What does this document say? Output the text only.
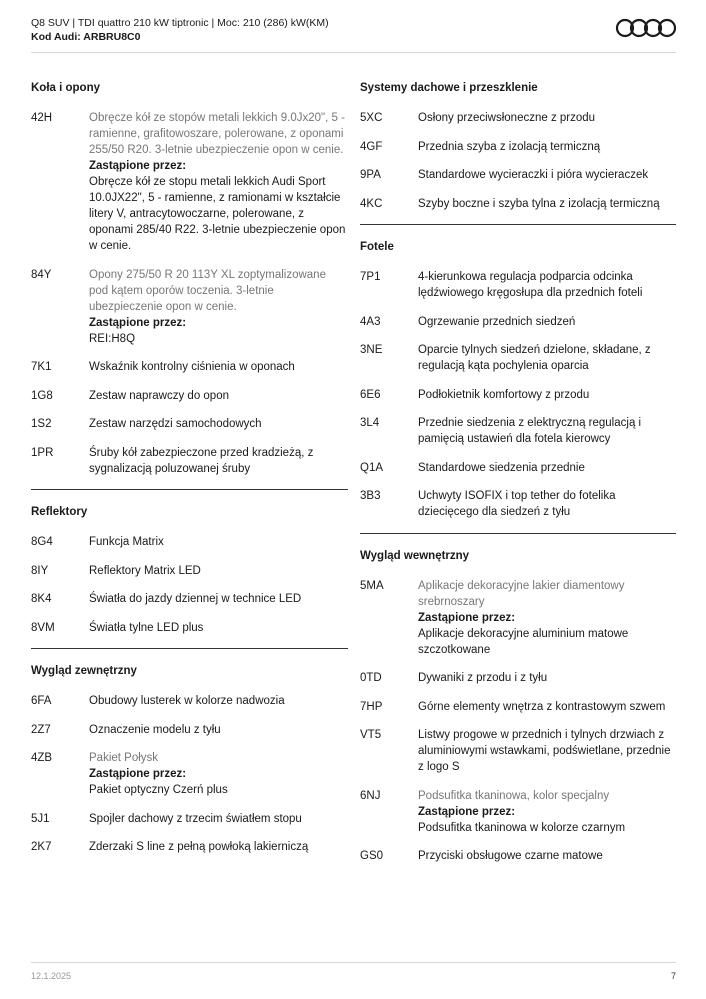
Q8 SUV | TDI quattro 210 kW tiptronic | Moc: 210 (286) kW(KM)
Kod Audi: ARBRU8C0
Koła i opony
42H	Obręcze kół ze stopów metali lekkich 9.0Jx20", 5 - ramienne, grafitowoszare, polerowane, z oponami 255/50 R20. 3-letnie ubezpieczenie opon w cenie.
Zastąpione przez:
Obręcze kół ze stopu metali lekkich Audi Sport 10.0JX22", 5 - ramienne, z ramionami w kształcie litery V, antracytowoczarne, polerowane, z oponami 285/40 R22. 3-letnie ubezpieczenie opon w cenie.
84Y	Opony 275/50 R 20 113Y XL zoptymalizowane pod kątem oporów toczenia. 3-letnie ubezpieczenie opon w cenie.
Zastąpione przez:
REI:H8Q
7K1	Wskaźnik kontrolny ciśnienia w oponach
1G8	Zestaw naprawczy do opon
1S2	Zestaw narzędzi samochodowych
1PR	Śruby kół zabezpieczone przed kradzieżą, z sygnalizacją poluzowanej śruby
Reflektory
8G4	Funkcja Matrix
8IY	Reflektory Matrix LED
8K4	Światła do jazdy dziennej w technice LED
8VM	Światła tylne LED plus
Wygląd zewnętrzny
6FA	Obudowy lusterek w kolorze nadwozia
2Z7	Oznaczenie modelu z tyłu
4ZB	Pakiet Połysk
Zastąpione przez:
Pakiet optyczny Czerń plus
5J1	Spojler dachowy z trzecim światłem stopu
2K7	Zderzaki S line z pełną powłoką lakierniczą
Systemy dachowe i przeszklenie
5XC	Osłony przeciwsłoneczne z przodu
4GF	Przednia szyba z izolacją termiczną
9PA	Standardowe wycieraczki i pióra wycieraczek
4KC	Szyby boczne i szyba tylna z izolacją termiczną
Fotele
7P1	4-kierunkowa regulacja podparcia odcinka lędźwiowego kręgosłupa dla przednich foteli
4A3	Ogrzewanie przednich siedzeń
3NE	Oparcie tylnych siedzeń dzielone, składane, z regulacją kąta pochylenia oparcia
6E6	Podłokietnik komfortowy z przodu
3L4	Przednie siedzenia z elektryczną regulacją i pamięcią ustawień dla fotela kierowcy
Q1A	Standardowe siedzenia przednie
3B3	Uchwyty ISOFIX i top tether do fotelika dziecięcego dla siedzeń z tyłu
Wygląd wewnętrzny
5MA	Aplikacje dekoracyjne lakier diamentowy srebrnoszary
Zastąpione przez:
Aplikacje dekoracyjne aluminium matowe szczotkowane
0TD	Dywaniki z przodu i z tyłu
7HP	Górne elementy wnętrza z kontrastowym szwem
VT5	Listwy progowe w przednich i tylnych drzwiach z aluminiowymi wstawkami, podświetlane, przednie z logo S
6NJ	Podsufitka tkaninowa, kolor specjalny
Zastąpione przez:
Podsufitka tkaninowa w kolorze czarnym
GS0	Przyciski obsługowe czarne matowe
12.1.2025	7
